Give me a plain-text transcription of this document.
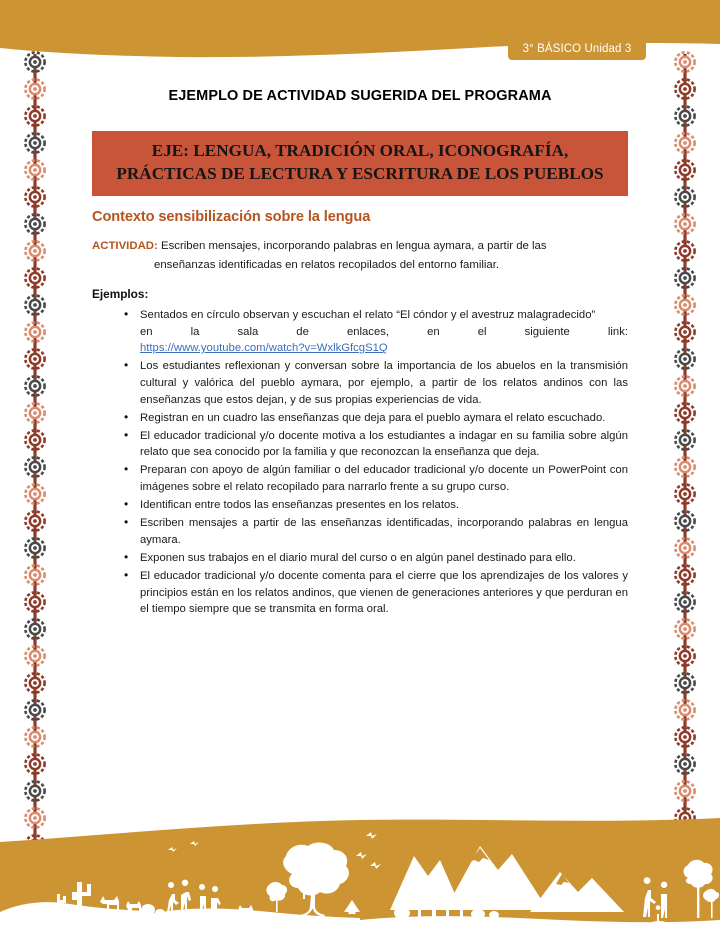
3° BÁSICO Unidad 3
EJEMPLO DE ACTIVIDAD SUGERIDA DEL PROGRAMA
EJE: LENGUA, TRADICIÓN ORAL, ICONOGRAFÍA,
PRÁCTICAS DE LECTURA Y ESCRITURA DE LOS PUEBLOS
Contexto sensibilización sobre la lengua
ACTIVIDAD: Escriben mensajes, incorporando palabras en lengua aymara, a partir de las
enseñanzas identificadas en relatos recopilados del entorno familiar.
Ejemplos:
• Sentados en círculo observan y escuchan el relato “El cóndor y el avestruz malagradecido”
en la sala de enlaces, en el siguiente link:
https://www.youtube.com/watch?v=WxlkGfcgS1Q
• Los estudiantes reflexionan y conversan sobre la importancia de los abuelos en la transmisión cultural y valórica del pueblo aymara, por ejemplo, a partir de los relatos andinos con las enseñanzas que estos dejan, y de sus propias experiencias de vida.
• Registran en un cuadro las enseñanzas que deja para el pueblo aymara el relato escuchado.
• El educador tradicional y/o docente motiva a los estudiantes a indagar en su familia sobre algún relato que sea conocido por la familia y que reconozcan la enseñanza que deja.
• Preparan con apoyo de algún familiar o del educador tradicional y/o docente un PowerPoint con imágenes sobre el relato recopilado para narrarlo frente a su grupo curso.
• Identifican entre todos las enseñanzas presentes en los relatos.
• Escriben mensajes a partir de las enseñanzas identificadas, incorporando palabras en lengua aymara.
• Exponen sus trabajos en el diario mural del curso o en algún panel destinado para ello.
• El educador tradicional y/o docente comenta para el cierre que los aprendizajes de los valores y principios están en los relatos andinos, que vienen de generaciones anteriores y que perduran en el tiempo siempre que se transmita en forma oral.
